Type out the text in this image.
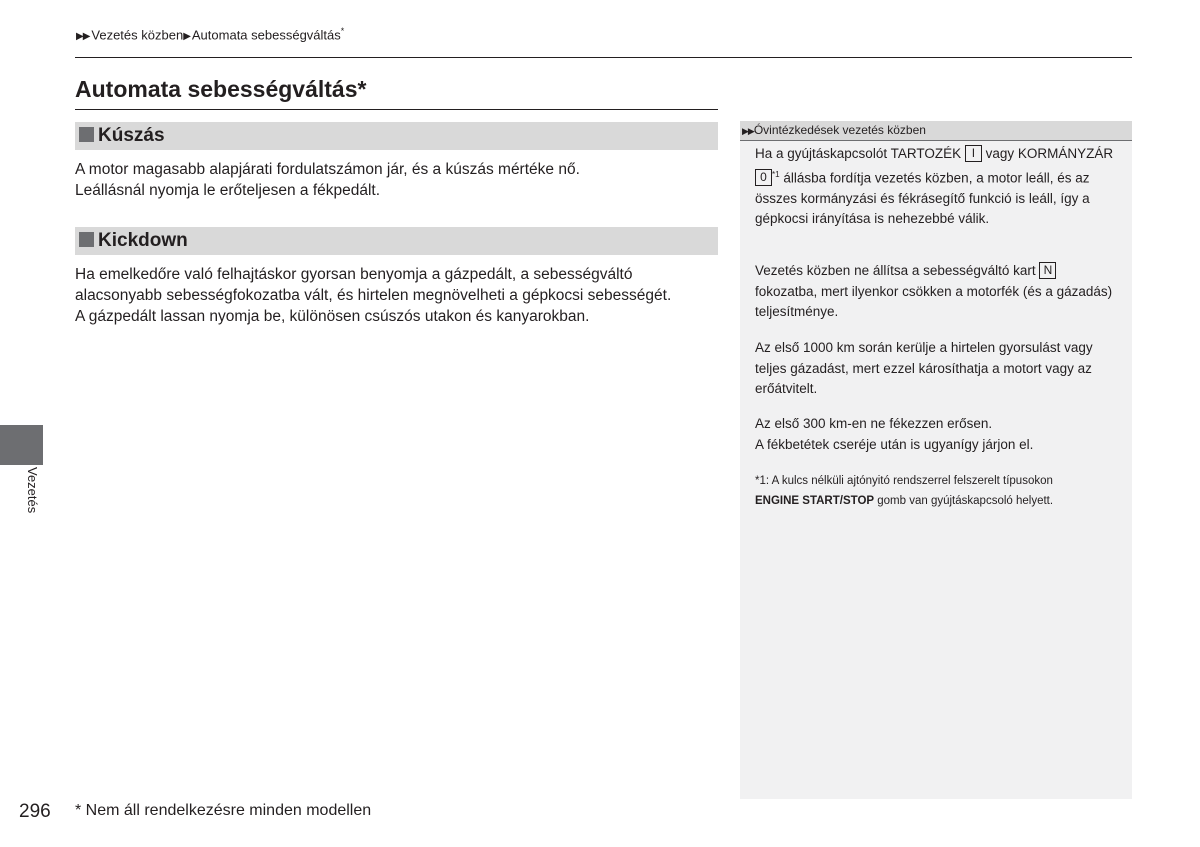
▶▶ Vezetés közben▶ Automata sebességváltás*
Automata sebességváltás*
Kúszás

A motor magasabb alapjárati fordulatszámon jár, és a kúszás mértéke nő.

Leállásnál nyomja le erőteljesen a fékpedált.

Kickdown

Ha emelkedőre való felhajtáskor gyorsan benyomja a gázpedált, a sebességváltó

alacsonyabb sebességfokozatba vált, és hirtelen megnövelheti a gépkocsi sebességét.

A gázpedált lassan nyomja be, különösen csúszós utakon és kanyarokban.

▶▶Óvintézkedések vezetés közben

Ha a gyújtáskapcsolót TARTOZÉK I vagy KORMÁNYZÁR 0 $^{*1}$ állásba fordítja vezetés közben, a motor leáll, és az összes kormányzási és fékrásegítő funkció is leáll, így a gépkocsi irányítása is nehezebbé válik.

Vezetés közben ne állítsa a sebességváltó kart N fokozatba, mert ilyenkor csökken a motorfék (és a gázadás) teljesítménye.

Az első 1000 km során kerülje a hirtelen gyorsulást vagy teljes gázadást, mert ezzel károsíthatja a motort vagy az erőátvitelt.

Az első 300 km-en ne fékezzen erősen.

A fékbetétek cseréje után is ugyanígy járjon el.

*1: A kulcs nélküli ajtónyitó rendszerrel felszerelt típusokon

ENGINE START/STOP gomb van gyújtáskapcsoló helyett.

Vezetés
296 * Nem áll rendelkezésre minden modellen
